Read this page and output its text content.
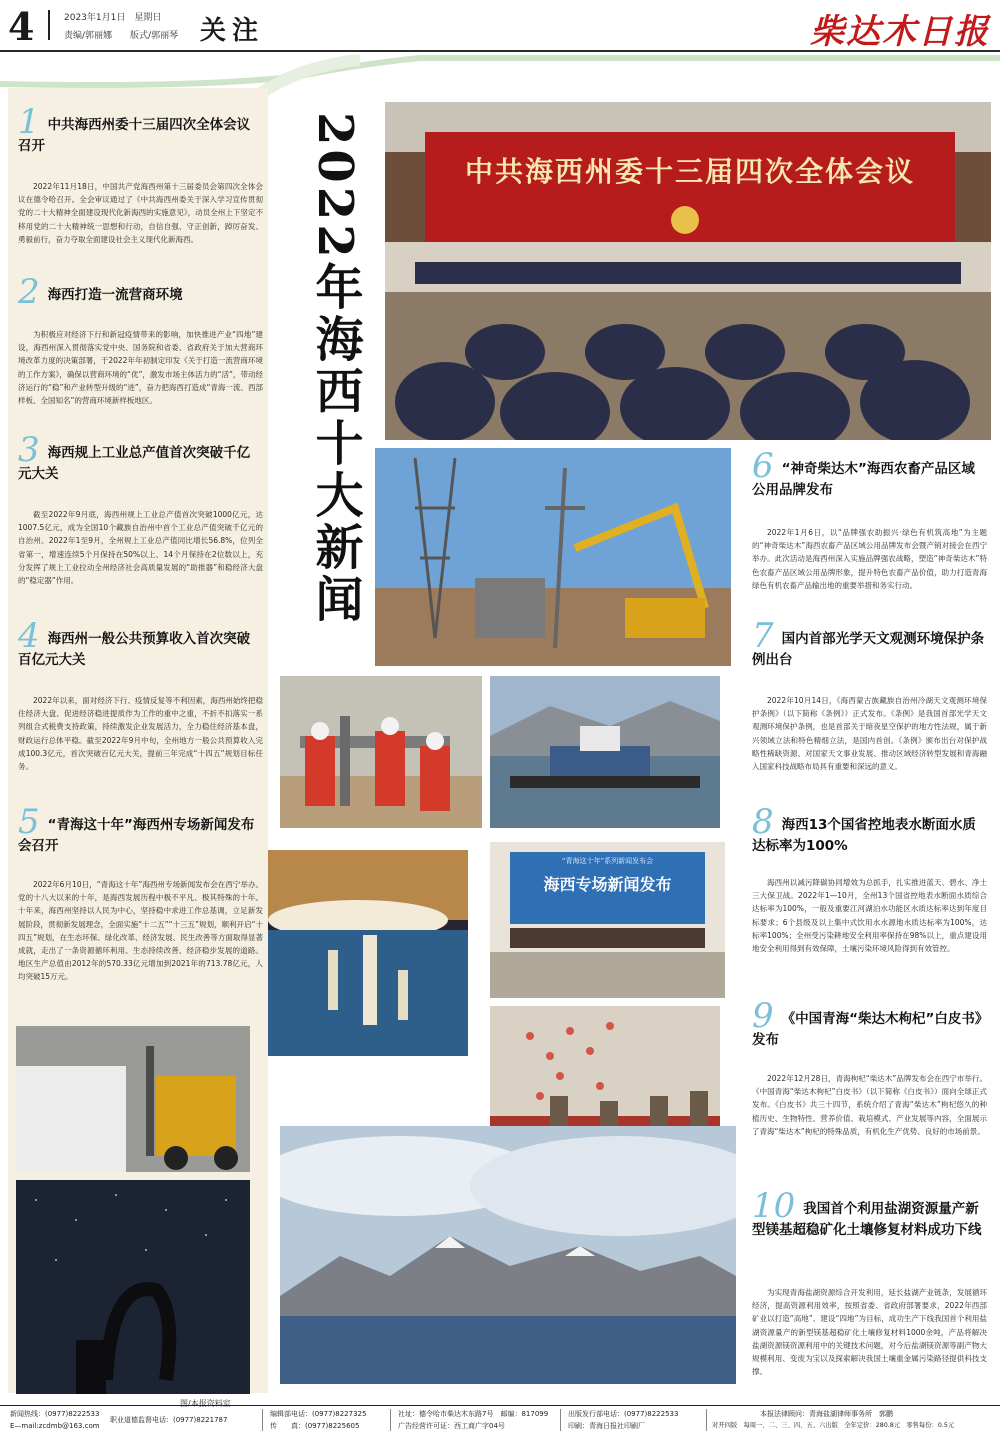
4	2023年1月1日　星期日
责编/郭丽娜　　版式/郭丽琴 关注	柴达木日报
2022年海西十大新闻
1 中共海西州委十三届四次全体会议召开
2022年11月18日，中国共产党海西州第十三届委员会第四次全体会议在德令哈召开。全会审议通过了《中共海西州委关于深入学习宣传贯彻党的二十大精神全面建设现代化新海西的实施意见》，动员全州上下坚定不移用党的二十大精神统一思想和行动，自信自强、守正创新，踔厉奋发、勇毅前行，奋力夺取全面建设社会主义现代化新海西。
2 海西打造一流营商环境
为积极应对经济下行和新冠疫情带来的影响，加快推进产业“四地”建设，海西州深入贯彻落实党中央、国务院和省委、省政府关于加大营商环境改革力度的决策部署，于2022年年初制定印发《关于打造一流营商环境的工作方案》，确保以营商环境的“优”，激发市场主体活力的“活”，带动经济运行的“稳”和产业转型升级的“进”，奋力把海西打造成“青海一流、西部样板、全国知名”的营商环境新样板地区。
3 海西规上工业总产值首次突破千亿元大关
截至2022年9月底，海西州规上工业总产值首次突破1000亿元，达1007.5亿元，成为全国10个藏族自治州中首个工业总产值突破千亿元的自治州。2022年1至9月，全州规上工业总产值同比增长56.8%，位列全省第一，增速连续5个月保持在50%以上、14个月保持在2位数以上，充分发挥了规上工业拉动全州经济社会高质量发展的“助推器”和稳经济大盘的“稳定器”作用。
4 海西州一般公共预算收入首次突破百亿元大关
2022年以来，面对经济下行、疫情反复等不利因素，海西州始终把稳住经济大盘、促进经济稳进提质作为工作的重中之重，不折不扣落实一系列组合式税费支持政策，持续激发企业发展活力，全力稳住经济基本盘，财政运行总体平稳。截至2022年9月中旬，全州地方一般公共预算收入完成100.3亿元，首次突破百亿元大关，提前三年完成“十四五”规划目标任务。
5 “青海这十年”海西州专场新闻发布会召开
2022年6月10日，“青海这十年”海西州专场新闻发布会在西宁举办。党的十八大以来的十年，是海西发展历程中极不平凡、极其特殊的十年。十年来，海西州坚持以人民为中心，坚持稳中求进工作总基调，立足新发展阶段，贯彻新发展理念，全面实施“十二五”“十三五”规划，顺利开启“十四五”规划，在生态环保、绿化改革、经济发展、民生改善等方面取得显著成就，走出了一条资源循环利用、生态持续改善、经济稳步发展的道路。地区生产总值由2012年的570.33亿元增加到2021年的713.78亿元，人均突破15万元。
中共海西州委十三届四次全体会议
“青海这十年”系列新闻发布会
海西专场新闻发布
图/本报资料室
6 “神奇柴达木”海西农畜产品区域公用品牌发布
2022年1月6日，以“品牌强农助振兴·绿色有机筑高地”为主题的“神奇柴达木”海西农畜产品区域公用品牌发布会暨产销对接会在西宁举办。此次活动是海西州深入实施品牌强农战略，塑造“神奇柴达木”特色农畜产品区域公用品牌形象，提升特色农畜产品价值，助力打造青海绿色有机农畜产品输出地的重要举措和务实行动。
7 国内首部光学天文观测环境保护条例出台
2022年10月14日，《海西蒙古族藏族自治州冷湖天文观测环境保护条例》（以下简称《条例》）正式发布。《条例》是我国首部光学天文观测环境保护条例，也是首部关于暗夜星空保护的地方性法规，属于新兴领域立法和特色精细立法，是国内首创。《条例》颁布出台对保护战略性稀缺资源、对国家天文事业发展、推动区域经济转型发展和青海融入国家科技战略布局具有重要和深远的意义。
8 海西13个国省控地表水断面水质达标率为100%
海西州以减污降碳协同增效为总抓手，扎实推进蓝天、碧水、净土三大保卫战。2022年1—10月，全州13个国省控地表水断面水质综合达标率为100%，一般及重要江河湖泊水功能区水质达标率达到年度目标要求；6个县级及以上集中式饮用水水源地水质达标率为100%，达标率100%；全州受污染耕地安全利用率保持在98%以上，重点建设用地安全利用得到有效保障，土壤污染环境风险得到有效管控。
9 《中国青海“柴达木枸杞”白皮书》发布
2022年12月28日，青海枸杞“柴达木”品牌发布会在西宁市举行。《中国青海“柴达木枸杞”白皮书》（以下简称《白皮书》）面向全球正式发布。《白皮书》共三十四节，系统介绍了青海“柴达木”枸杞悠久的种植历史、生物特性、营养价值、栽培模式、产业发展等内容，全面展示了青海“柴达木”枸杞的特殊品质，有机化生产优势、良好的市场前景。
10 我国首个利用盐湖资源量产新型镁基超稳矿化土壤修复材料成功下线
为实现青海盐湖资源综合开发利用，延长盐湖产业链条，发展循环经济，提高资源利用效率，按照省委、省政府部署要求，2022年西部矿业以打造“高地”、建设“四地”为目标，成功生产下线我国首个利用盐湖资源量产的新型镁基超稳矿化土壤修复材料1000余吨，产品将解决盐湖资源镁资源利用中的关键技术问题，对今后盐湖镁资源等副产物大规模利用、变废为宝以及探索解决我国土壤重金属污染路径提供科技支撑。
新闻热线：(0977)8222533
E—mail:zcdmb@163.com
职业道德监督电话：(0977)8221787
编辑部电话：(0977)8227325
传　　真：(0977)8225605
社址：德令哈市柴达木东路7号　邮编：817099
广告经营许可证：西工商广字04号
出版发行部电话：(0977)8222533
印刷：青海日报社印刷厂
本报法律顾问：青海盐湖律师事务所　郭鹏
对开四版　每周一、二、三、四、五、六出版　全年定价：280.8元　零售每份：0.5元
